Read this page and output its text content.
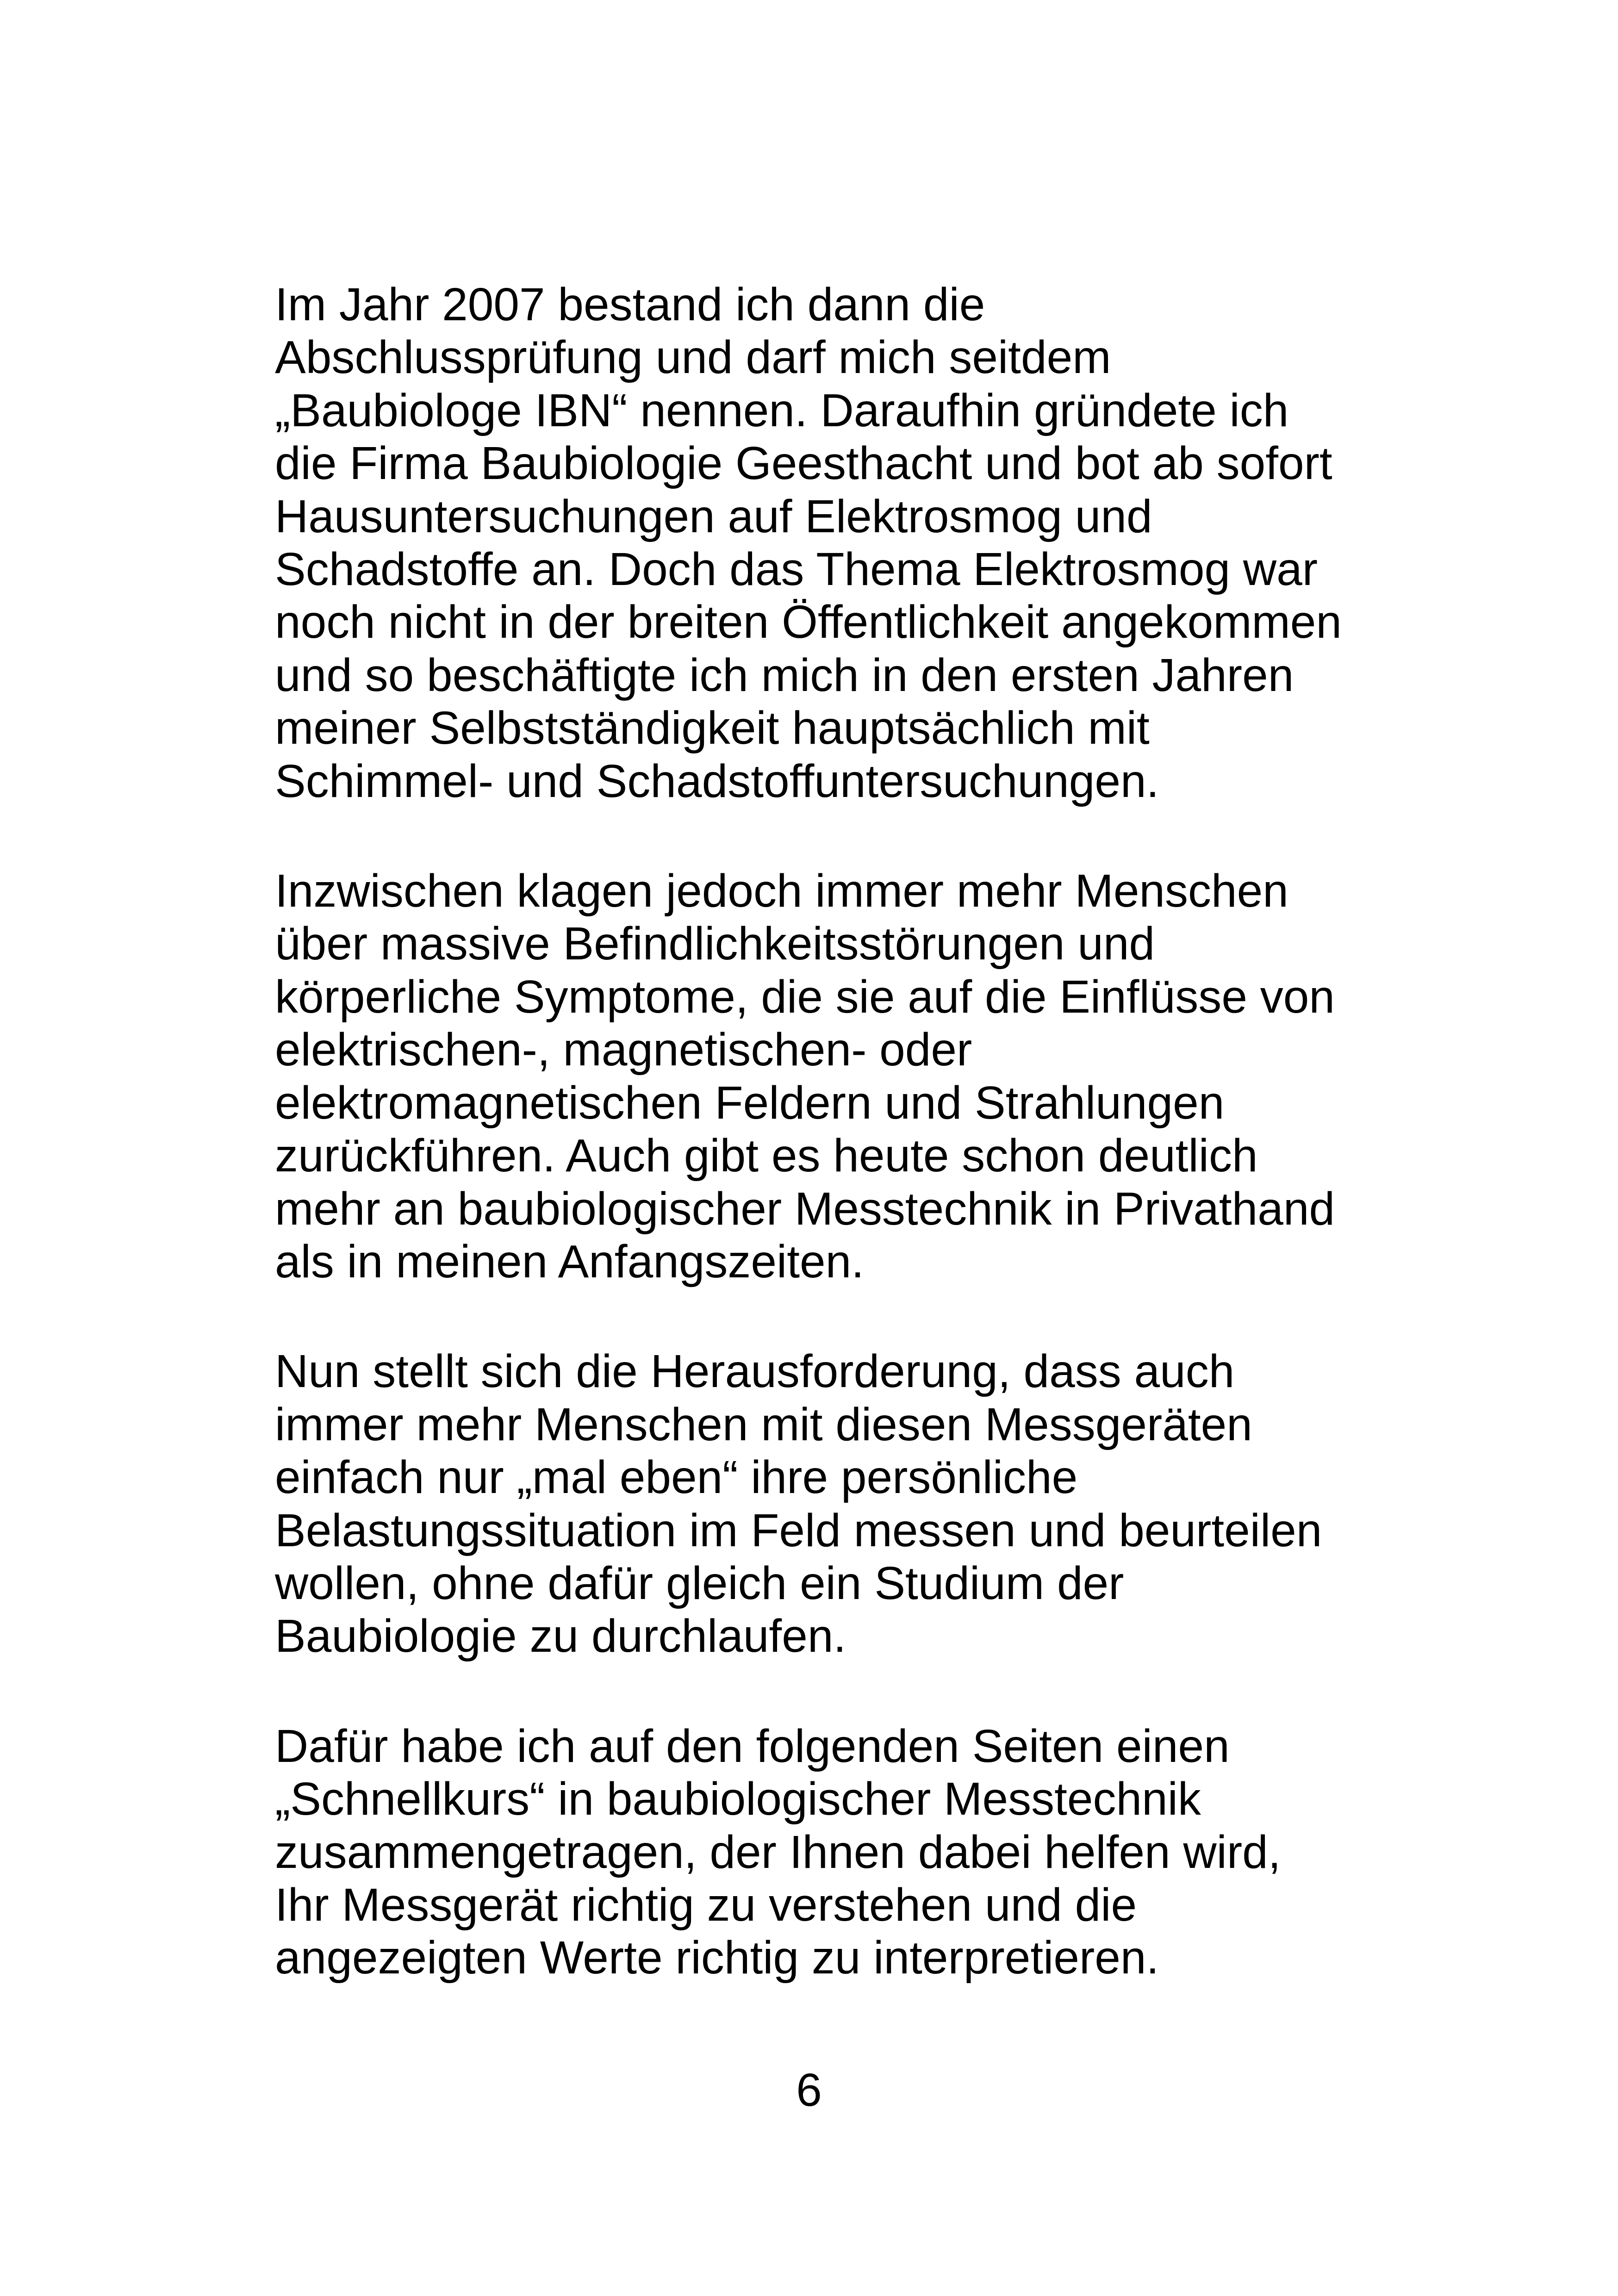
Im Jahr 2007 bestand ich dann die
Abschlussprüfung und darf mich seitdem
„Baubiologe IBN“ nennen. Daraufhin gründete ich
die Firma Baubiologie Geesthacht und bot ab sofort
Hausuntersuchungen auf Elektrosmog und
Schadstoffe an. Doch das Thema Elektrosmog war
noch nicht in der breiten Öffentlichkeit angekommen
und so beschäftigte ich mich in den ersten Jahren
meiner Selbstständigkeit hauptsächlich mit
Schimmel- und Schadstoffuntersuchungen.
Inzwischen klagen jedoch immer mehr Menschen
über massive Befindlichkeitsstörungen und
körperliche Symptome, die sie auf die Einflüsse von
elektrischen-, magnetischen- oder
elektromagnetischen Feldern und Strahlungen
zurückführen. Auch gibt es heute schon deutlich
mehr an baubiologischer Messtechnik in Privathand
als in meinen Anfangszeiten.
Nun stellt sich die Herausforderung, dass auch
immer mehr Menschen mit diesen Messgeräten
einfach nur „mal eben“ ihre persönliche
Belastungssituation im Feld messen und beurteilen
wollen, ohne dafür gleich ein Studium der
Baubiologie zu durchlaufen.
Dafür habe ich auf den folgenden Seiten einen
„Schnellkurs“ in baubiologischer Messtechnik
zusammengetragen, der Ihnen dabei helfen wird,
Ihr Messgerät richtig zu verstehen und die
angezeigten Werte richtig zu interpretieren.
6
